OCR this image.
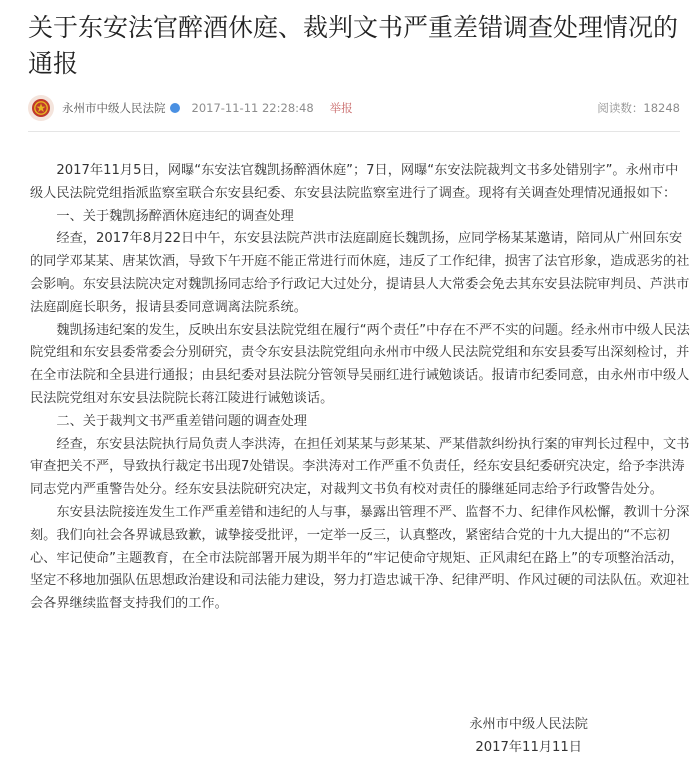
关于东安法官醉酒休庭、裁判文书严重差错调查处理情况的通报
永州市中级人民法院	2017-11-11 22:28:48 举报	阅读数：18248

2017年11月5日，网曝“东安法官魏凯扬醉酒休庭”；7日，网曝“东安法院裁判文书多处错别字”。永州市中级人民法院党组指派监察室联合东安县纪委、东安县法院监察室进行了调查。现将有关调查处理情况通报如下：

一、关于魏凯扬醉酒休庭违纪的调查处理

经查，2017年8月22日中午，东安县法院芦洪市法庭副庭长魏凯扬，应同学杨某某邀请，陪同从广州回东安的同学邓某某、唐某饮酒，导致下午开庭不能正常进行而休庭，违反了工作纪律，损害了法官形象，造成恶劣的社会影响。东安县法院决定对魏凯扬同志给予行政记大过处分，提请县人大常委会免去其东安县法院审判员、芦洪市法庭副庭长职务，报请县委同意调离法院系统。

魏凯扬违纪案的发生，反映出东安县法院党组在履行“两个责任”中存在不严不实的问题。经永州市中级人民法院党组和东安县委常委会分别研究，责令东安县法院党组向永州市中级人民法院党组和东安县委写出深刻检讨，并在全市法院和全县进行通报；由县纪委对县法院分管领导吴丽红进行诫勉谈话。报请市纪委同意，由永州市中级人民法院党组对东安县法院院长蒋江陵进行诫勉谈话。

二、关于裁判文书严重差错问题的调查处理

经查，东安县法院执行局负责人李洪涛，在担任刘某某与彭某某、严某借款纠纷执行案的审判长过程中，文书审查把关不严，导致执行裁定书出现7处错误。李洪涛对工作严重不负责任，经东安县纪委研究决定，给予李洪涛同志党内严重警告处分。经东安县法院研究决定，对裁判文书负有校对责任的滕继延同志给予行政警告处分。

东安县法院接连发生工作严重差错和违纪的人与事，暴露出管理不严、监督不力、纪律作风松懈，教训十分深刻。我们向社会各界诚恳致歉，诚挚接受批评，一定举一反三，认真整改，紧密结合党的十九大提出的“不忘初心、牢记使命”主题教育，在全市法院部署开展为期半年的“牢记使命守规矩、正风肃纪在路上”的专项整治活动，坚定不移地加强队伍思想政治建设和司法能力建设，努力打造忠诚干净、纪律严明、作风过硬的司法队伍。欢迎社会各界继续监督支持我们的工作。

永州市中级人民法院
2017年11月11日
